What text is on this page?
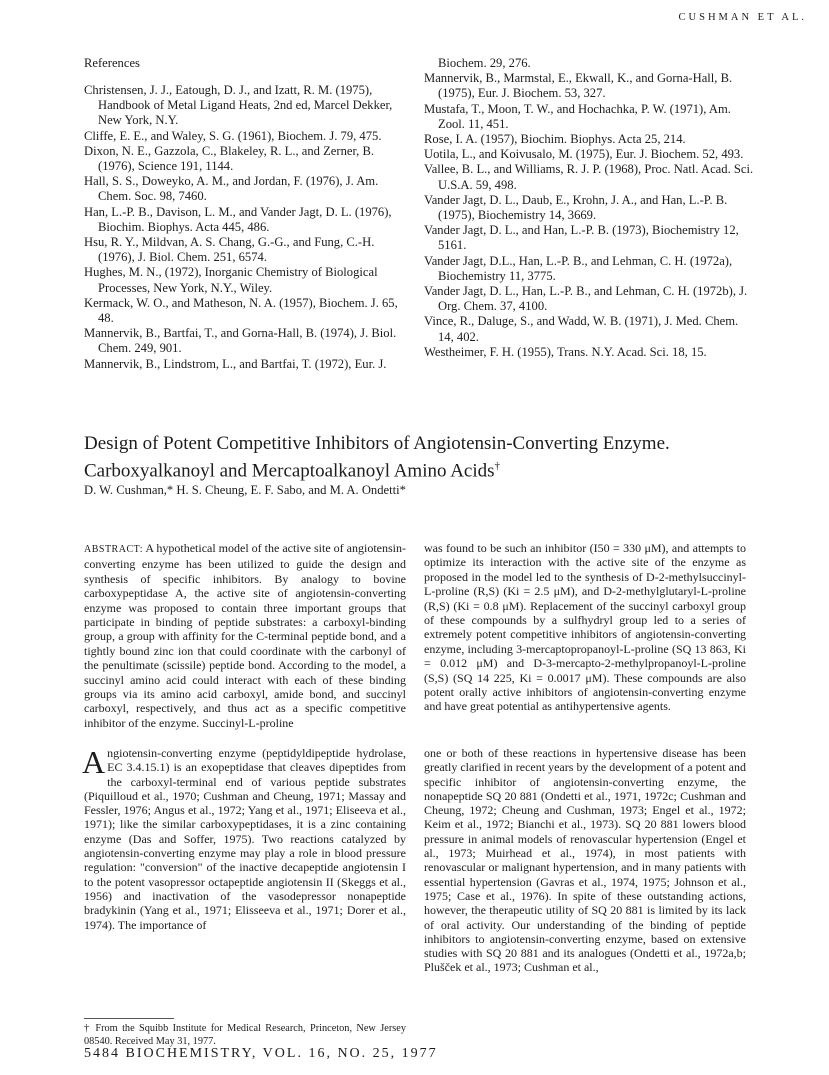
CUSHMAN ET AL.
References

Christensen, J. J., Eatough, D. J., and Izatt, R. M. (1975), Handbook of Metal Ligand Heats, 2nd ed, Marcel Dekker, New York, N.Y.

Cliffe, E. E., and Waley, S. G. (1961), Biochem. J. 79, 475.

Dixon, N. E., Gazzola, C., Blakeley, R. L., and Zerner, B. (1976), Science 191, 1144.

Hall, S. S., Doweyko, A. M., and Jordan, F. (1976), J. Am. Chem. Soc. 98, 7460.

Han, L.-P. B., Davison, L. M., and Vander Jagt, D. L. (1976), Biochim. Biophys. Acta 445, 486.

Hsu, R. Y., Mildvan, A. S. Chang, G.-G., and Fung, C.-H. (1976), J. Biol. Chem. 251, 6574.

Hughes, M. N., (1972), Inorganic Chemistry of Biological Processes, New York, N.Y., Wiley.

Kermack, W. O., and Matheson, N. A. (1957), Biochem. J. 65, 48.

Mannervik, B., Bartfai, T., and Gorna-Hall, B. (1974), J. Biol. Chem. 249, 901.

Mannervik, B., Lindstrom, L., and Bartfai, T. (1972), Eur. J.

Biochem. 29, 276.

Mannervik, B., Marmstal, E., Ekwall, K., and Gorna-Hall, B. (1975), Eur. J. Biochem. 53, 327.

Mustafa, T., Moon, T. W., and Hochachka, P. W. (1971), Am. Zool. 11, 451.

Rose, I. A. (1957), Biochim. Biophys. Acta 25, 214.

Uotila, L., and Koivusalo, M. (1975), Eur. J. Biochem. 52, 493.

Vallee, B. L., and Williams, R. J. P. (1968), Proc. Natl. Acad. Sci. U.S.A. 59, 498.

Vander Jagt, D. L., Daub, E., Krohn, J. A., and Han, L.-P. B. (1975), Biochemistry 14, 3669.

Vander Jagt, D. L., and Han, L.-P. B. (1973), Biochemistry 12, 5161.

Vander Jagt, D.L., Han, L.-P. B., and Lehman, C. H. (1972a), Biochemistry 11, 3775.

Vander Jagt, D. L., Han, L.-P. B., and Lehman, C. H. (1972b), J. Org. Chem. 37, 4100.

Vince, R., Daluge, S., and Wadd, W. B. (1971), J. Med. Chem. 14, 402.

Westheimer, F. H. (1955), Trans. N.Y. Acad. Sci. 18, 15.

Design of Potent Competitive Inhibitors of Angiotensin-Converting Enzyme. Carboxyalkanoyl and Mercaptoalkanoyl Amino Acids†
D. W. Cushman,* H. S. Cheung, E. F. Sabo, and M. A. Ondetti*

ABSTRACT: A hypothetical model of the active site of angiotensin-converting enzyme has been utilized to guide the design and synthesis of specific inhibitors. By analogy to bovine carboxypeptidase A, the active site of angiotensin-converting enzyme was proposed to contain three important groups that participate in binding of peptide substrates: a carboxyl-binding group, a group with affinity for the C-terminal peptide bond, and a tightly bound zinc ion that could coordinate with the carbonyl of the penultimate (scissile) peptide bond. According to the model, a succinyl amino acid could interact with each of these binding groups via its amino acid carboxyl, amide bond, and succinyl carboxyl, respectively, and thus act as a specific competitive inhibitor of the enzyme. Succinyl-L-proline

was found to be such an inhibitor (I50 = 330 μM), and attempts to optimize its interaction with the active site of the enzyme as proposed in the model led to the synthesis of D-2-methylsuccinyl-L-proline (R,S) (Ki = 2.5 μM), and D-2-methylglutaryl-L-proline (R,S) (Ki = 0.8 μM). Replacement of the succinyl carboxyl group of these compounds by a sulfhydryl group led to a series of extremely potent competitive inhibitors of angiotensin-converting enzyme, including 3-mercaptopropanoyl-L-proline (SQ 13 863, Ki = 0.012 μM) and D-3-mercapto-2-methylpropanoyl-L-proline (S,S) (SQ 14 225, Ki = 0.0017 μM). These compounds are also potent orally active inhibitors of angiotensin-converting enzyme and have great potential as antihypertensive agents.

Angiotensin-converting enzyme (peptidyldipeptide hydrolase, EC 3.4.15.1) is an exopeptidase that cleaves dipeptides from the carboxyl-terminal end of various peptide substrates (Piquilloud et al., 1970; Cushman and Cheung, 1971; Massay and Fessler, 1976; Angus et al., 1972; Yang et al., 1971; Eliseeva et al., 1971); like the similar carboxypeptidases, it is a zinc containing enzyme (Das and Soffer, 1975). Two reactions catalyzed by angiotensin-converting enzyme may play a role in blood pressure regulation: "conversion" of the inactive decapeptide angiotensin I to the potent vasopressor octapeptide angiotensin II (Skeggs et al., 1956) and inactivation of the vasodepressor nonapeptide bradykinin (Yang et al., 1971; Elisseeva et al., 1971; Dorer et al., 1974). The importance of

one or both of these reactions in hypertensive disease has been greatly clarified in recent years by the development of a potent and specific inhibitor of angiotensin-converting enzyme, the nonapeptide SQ 20 881 (Ondetti et al., 1971, 1972c; Cushman and Cheung, 1972; Cheung and Cushman, 1973; Engel et al., 1972; Keim et al., 1972; Bianchi et al., 1973). SQ 20 881 lowers blood pressure in animal models of renovascular hypertension (Engel et al., 1973; Muirhead et al., 1974), in most patients with renovascular or malignant hypertension, and in many patients with essential hypertension (Gavras et al., 1974, 1975; Johnson et al., 1975; Case et al., 1976). In spite of these outstanding actions, however, the therapeutic utility of SQ 20 881 is limited by its lack of oral activity. Our understanding of the binding of peptide inhibitors to angiotensin-converting enzyme, based on extensive studies with SQ 20 881 and its analogues (Ondetti et al., 1972a,b; Plušček et al., 1973; Cushman et al.,

† From the Squibb Institute for Medical Research, Princeton, New Jersey 08540. Received May 31, 1977.
5484 BIOCHEMISTRY, VOL. 16, NO. 25, 1977
